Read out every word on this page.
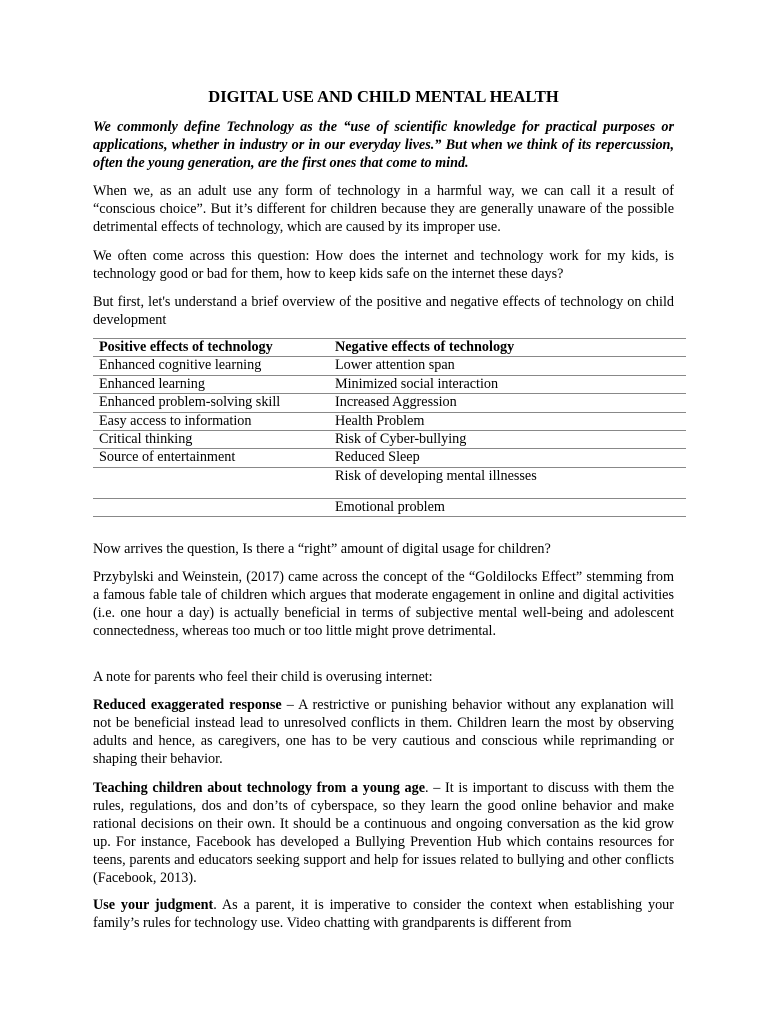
DIGITAL USE AND CHILD MENTAL HEALTH

We commonly define Technology as the “use of scientific knowledge for practical purposes or applications, whether in industry or in our everyday lives.” But when we think of its repercussion, often the young generation, are the first ones that come to mind.

When we, as an adult use any form of technology in a harmful way, we can call it a result of “conscious choice”. But it’s different for children because they are generally unaware of the possible detrimental effects of technology, which are caused by its improper use.

We often come across this question: How does the internet and technology work for my kids, is technology good or bad for them, how to keep kids safe on the internet these days?

But first, let's understand a brief overview of the positive and negative effects of technology on child development

Positive effects of technology	Negative effects of technology
Enhanced cognitive learning	Lower attention span
Enhanced learning	Minimized social interaction
Enhanced problem-solving skill	Increased Aggression
Easy access to information	Health Problem
Critical thinking	Risk of Cyber-bullying
Source of entertainment	Reduced Sleep
	Risk of developing mental illnesses
	Emotional problem

Now arrives the question, Is there a “right” amount of digital usage for children?

Przybylski and Weinstein, (2017) came across the concept of the “Goldilocks Effect” stemming from a famous fable tale of children which argues that moderate engagement in online and digital activities (i.e. one hour a day) is actually beneficial in terms of subjective mental well-being and adolescent connectedness, whereas too much or too little might prove detrimental.

A note for parents who feel their child is overusing internet:

Reduced exaggerated response – A restrictive or punishing behavior without any explanation will not be beneficial instead lead to unresolved conflicts in them. Children learn the most by observing adults and hence, as caregivers, one has to be very cautious and conscious while reprimanding or shaping their behavior.

Teaching children about technology from a young age. – It is important to discuss with them the rules, regulations, dos and don’ts of cyberspace, so they learn the good online behavior and make rational decisions on their own. It should be a continuous and ongoing conversation as the kid grow up. For instance, Facebook has developed a Bullying Prevention Hub which contains resources for teens, parents and educators seeking support and help for issues related to bullying and other conflicts (Facebook, 2013).

Use your judgment. As a parent, it is imperative to consider the context when establishing your family’s rules for technology use. Video chatting with grandparents is different from
